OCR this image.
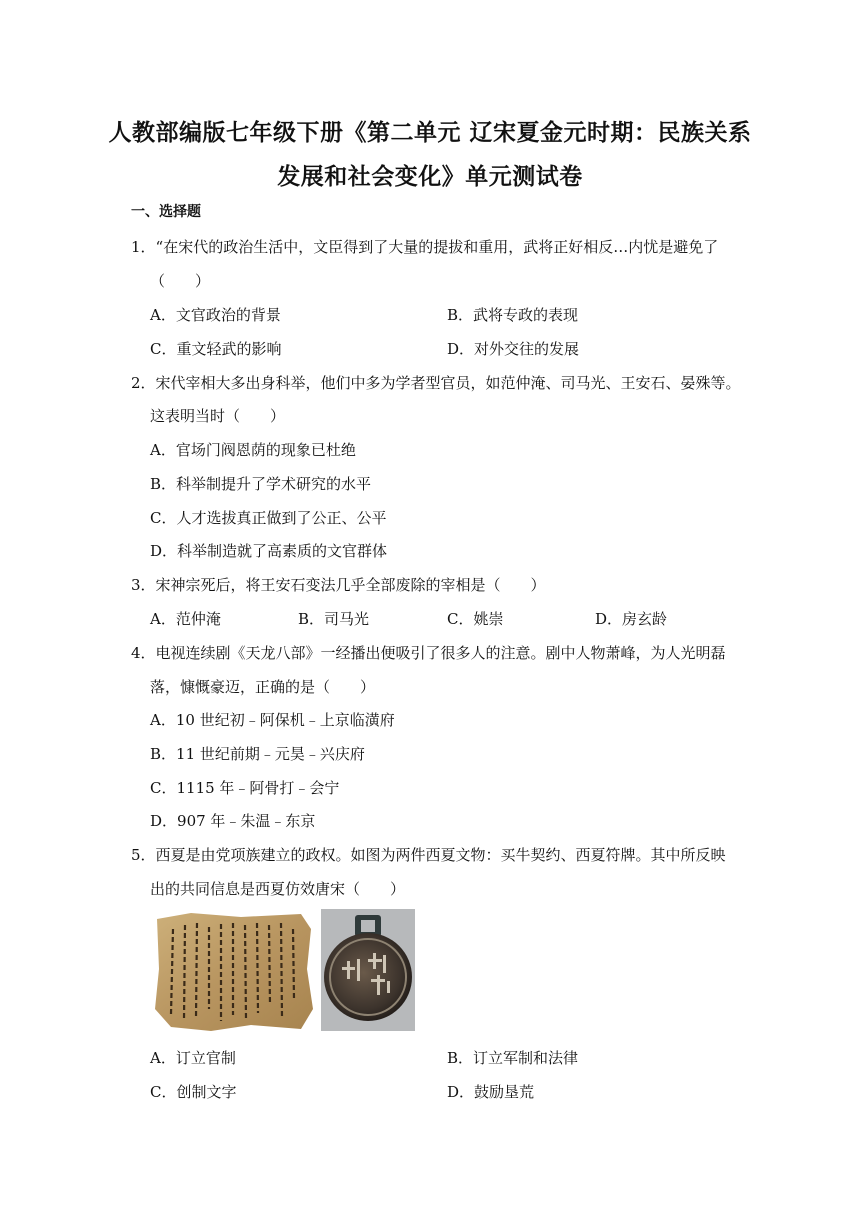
人教部编版七年级下册《第二单元 辽宋夏金元时期：民族关系
发展和社会变化》单元测试卷
一、选择题
1．“在宋代的政治生活中，文臣得到了大量的提拔和重用，武将正好相反…内忧是避免了
（　　）
A．文官政治的背景	B．武将专政的表现
C．重文轻武的影响	D．对外交往的发展
2．宋代宰相大多出身科举，他们中多为学者型官员，如范仲淹、司马光、王安石、晏殊等。
这表明当时（　　）
A．官场门阀恩荫的现象已杜绝
B．科举制提升了学术研究的水平
C．人才选拔真正做到了公正、公平
D．科举制造就了高素质的文官群体
3．宋神宗死后，将王安石变法几乎全部废除的宰相是（　　）
A．范仲淹	B．司马光	C．姚崇	D．房玄龄
4．电视连续剧《天龙八部》一经播出便吸引了很多人的注意。剧中人物萧峰，为人光明磊
落，慷慨豪迈，正确的是（　　）
A．10 世纪初﹣阿保机﹣上京临潢府
B．11 世纪前期﹣元昊﹣兴庆府
C．1115 年﹣阿骨打﹣会宁
D．907 年﹣朱温﹣东京
5．西夏是由党项族建立的政权。如图为两件西夏文物：买牛契约、西夏符牌。其中所反映
出的共同信息是西夏仿效唐宋（　　）
A．订立官制	B．订立军制和法律
C．创制文字	D．鼓励垦荒
